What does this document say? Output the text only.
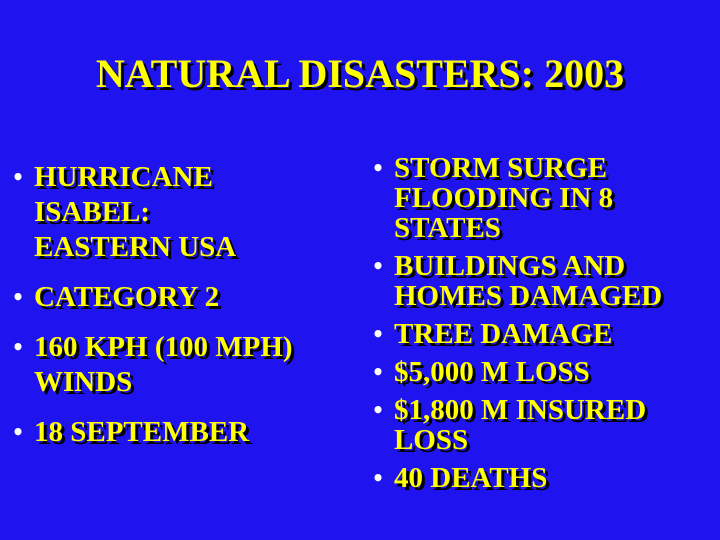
NATURAL DISASTERS: 2003
• HURRICANE
ISABEL:
EASTERN USA
• CATEGORY 2
• 160 KPH (100 MPH)
WINDS
• 18 SEPTEMBER
• STORM SURGE
FLOODING IN 8
STATES
• BUILDINGS AND
HOMES DAMAGED
• TREE DAMAGE
• $5,000 M LOSS
• $1,800 M INSURED
LOSS
• 40 DEATHS
